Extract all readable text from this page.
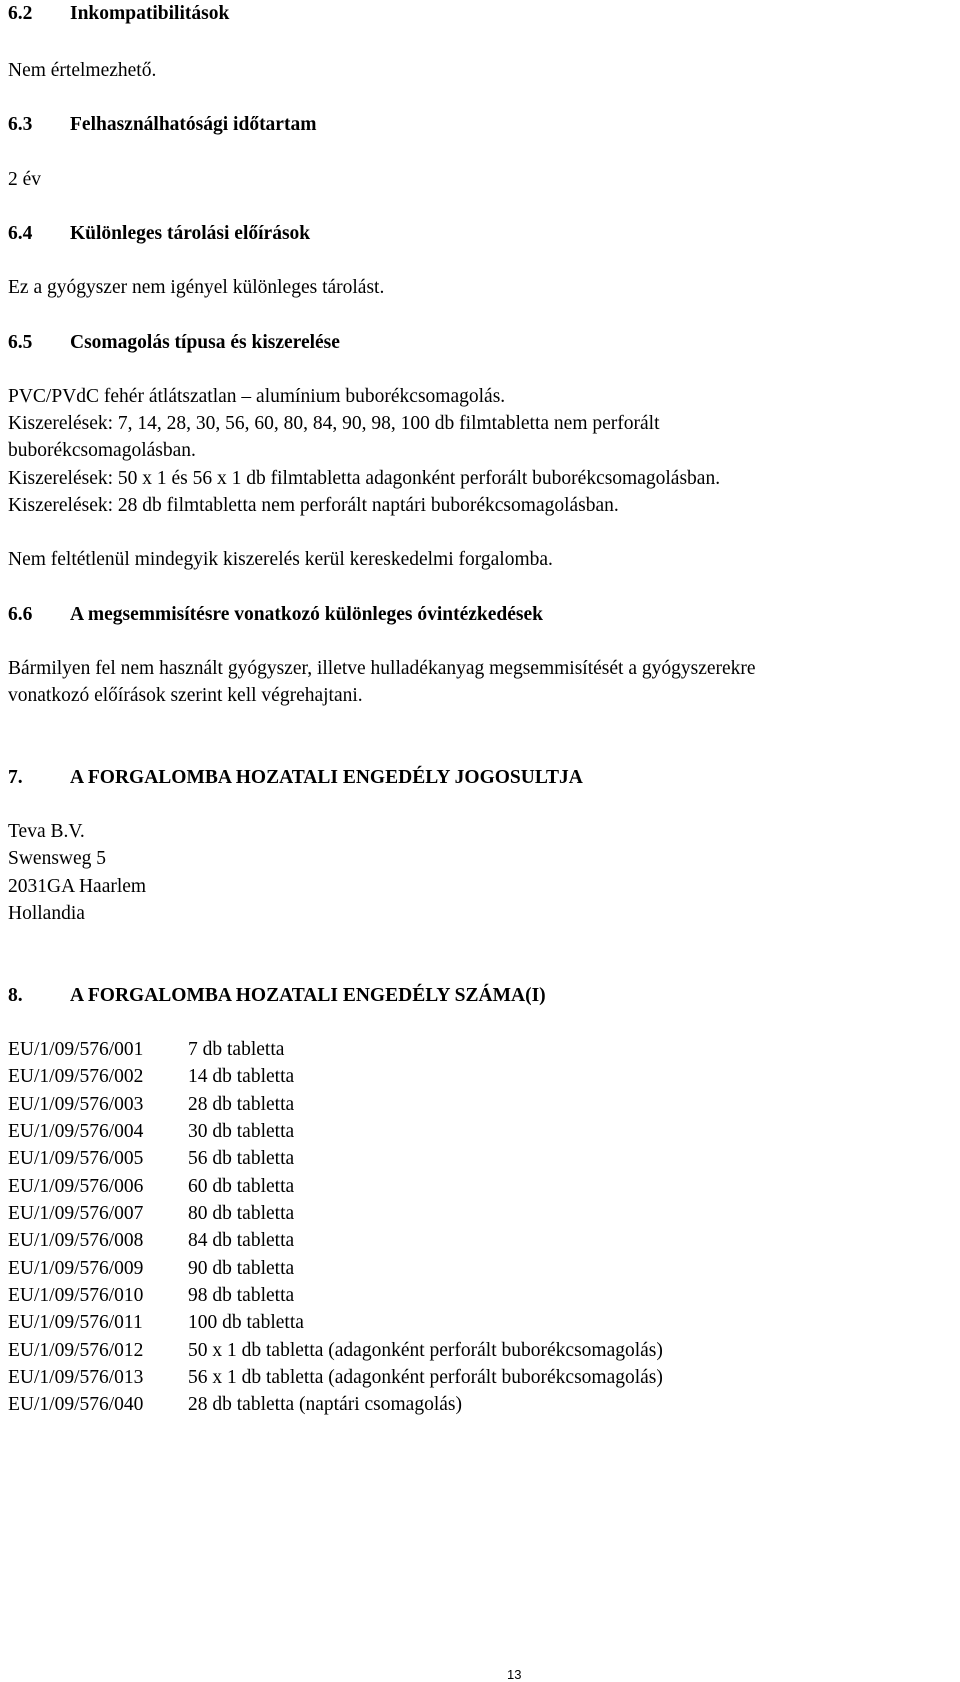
6.2 Inkompatibilitások
Nem értelmezhető.
6.3 Felhasználhatósági időtartam
2 év
6.4 Különleges tárolási előírások
Ez a gyógyszer nem igényel különleges tárolást.
6.5 Csomagolás típusa és kiszerelése
PVC/PVdC fehér átlátszatlan – alumínium buborékcsomagolás.
Kiszerelések: 7, 14, 28, 30, 56, 60, 80, 84, 90, 98, 100 db filmtabletta nem perforált
buborékcsomagolásban.
Kiszerelések: 50 x 1 és 56 x 1 db filmtabletta adagonként perforált buborékcsomagolásban.
Kiszerelések: 28 db filmtabletta nem perforált naptári buborékcsomagolásban.
Nem feltétlenül mindegyik kiszerelés kerül kereskedelmi forgalomba.
6.6 A megsemmisítésre vonatkozó különleges óvintézkedések
Bármilyen fel nem használt gyógyszer, illetve hulladékanyag megsemmisítését a gyógyszerekre
vonatkozó előírások szerint kell végrehajtani.
7. A FORGALOMBA HOZATALI ENGEDÉLY JOGOSULTJA
Teva B.V.
Swensweg 5
2031GA Haarlem
Hollandia
8. A FORGALOMBA HOZATALI ENGEDÉLY SZÁMA(I)
EU/1/09/576/001 7 db tabletta
EU/1/09/576/002 14 db tabletta
EU/1/09/576/003 28 db tabletta
EU/1/09/576/004 30 db tabletta
EU/1/09/576/005 56 db tabletta
EU/1/09/576/006 60 db tabletta
EU/1/09/576/007 80 db tabletta
EU/1/09/576/008 84 db tabletta
EU/1/09/576/009 90 db tabletta
EU/1/09/576/010 98 db tabletta
EU/1/09/576/011 100 db tabletta
EU/1/09/576/012 50 x 1 db tabletta (adagonként perforált buborékcsomagolás)
EU/1/09/576/013 56 x 1 db tabletta (adagonként perforált buborékcsomagolás)
EU/1/09/576/040 28 db tabletta (naptári csomagolás)
13
